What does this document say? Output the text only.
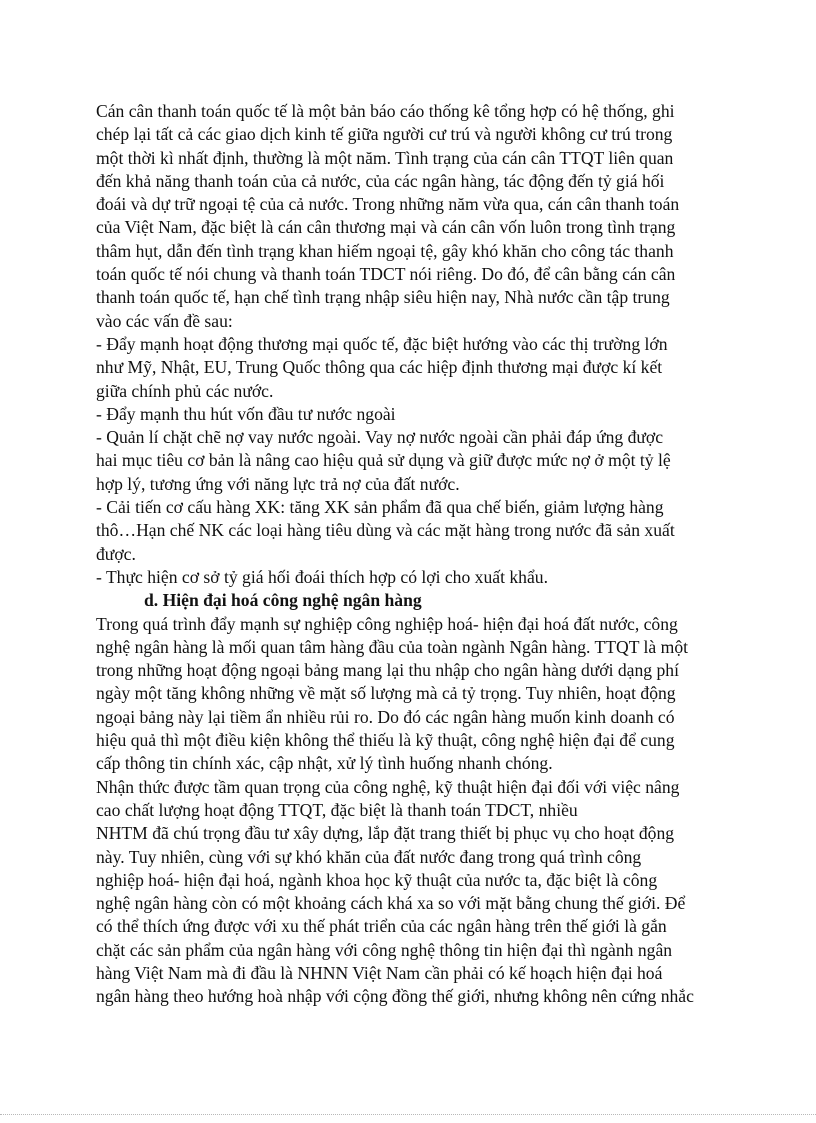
Cán cân thanh toán quốc tế là một bản báo cáo thống kê tổng hợp có hệ thống, ghi
chép lại tất cả các giao dịch kinh tế giữa người cư trú và người không cư trú trong
một thời kì nhất định, thường là một năm. Tình trạng của cán cân TTQT liên quan
đến khả năng thanh toán của cả nước, của các ngân hàng, tác động đến tỷ giá hối
đoái và dự trữ ngoại tệ của cả nước. Trong những năm vừa qua, cán cân thanh toán
của Việt Nam, đặc biệt là cán cân thương mại và cán cân vốn luôn trong tình trạng
thâm hụt, dẫn đến tình trạng khan hiếm ngoại tệ, gây khó khăn cho công tác thanh
toán quốc tế nói chung và thanh toán TDCT nói riêng. Do đó, để cân bằng cán cân
thanh toán quốc tế, hạn chế tình trạng nhập siêu hiện nay, Nhà nước cần tập trung
vào các vấn đề sau:
- Đẩy mạnh hoạt động thương mại quốc tế, đặc biệt hướng vào các thị trường lớn
như Mỹ, Nhật, EU, Trung Quốc thông qua các hiệp định thương mại được kí kết
giữa chính phủ các nước.
- Đẩy mạnh thu hút vốn đầu tư nước ngoài
- Quản lí chặt chẽ nợ vay nước ngoài. Vay nợ nước ngoài cần phải đáp ứng được
hai mục tiêu cơ bản là nâng cao hiệu quả sử dụng và giữ được mức nợ ở một tỷ lệ
hợp lý, tương ứng với năng lực trả nợ của đất nước.
- Cải tiến cơ cấu hàng XK: tăng XK sản phẩm đã qua chế biến, giảm lượng hàng
thô…Hạn chế NK các loại hàng tiêu dùng và các mặt hàng trong nước đã sản xuất
được.
- Thực hiện cơ sở tỷ giá hối đoái thích hợp có lợi cho xuất khẩu.
d. Hiện đại hoá công nghệ ngân hàng
Trong quá trình đẩy mạnh sự nghiệp công nghiệp hoá- hiện đại hoá đất nước, công
nghệ ngân hàng là mối quan tâm hàng đầu của toàn ngành Ngân hàng. TTQT là một
trong những hoạt động ngoại bảng mang lại thu nhập cho ngân hàng dưới dạng phí
ngày một tăng không những về mặt số lượng mà cả tỷ trọng. Tuy nhiên, hoạt động
ngoại bảng này lại tiềm ẩn nhiều rủi ro. Do đó các ngân hàng muốn kinh doanh có
hiệu quả thì một điều kiện không thể thiếu là kỹ thuật, công nghệ hiện đại để cung
cấp thông tin chính xác, cập nhật, xử lý tình huống nhanh chóng.
Nhận thức được tầm quan trọng của công nghệ, kỹ thuật hiện đại đối với việc nâng
cao chất lượng hoạt động TTQT, đặc biệt là thanh toán TDCT, nhiều
NHTM đã chú trọng đầu tư xây dựng, lắp đặt trang thiết bị phục vụ cho hoạt động
này. Tuy nhiên, cùng với sự khó khăn của đất nước đang trong quá trình công
nghiệp hoá- hiện đại hoá, ngành khoa học kỹ thuật của nước ta, đặc biệt là công
nghệ ngân hàng còn có một khoảng cách khá xa so với mặt bằng chung thế giới. Để
có thể thích ứng được với xu thế phát triển của các ngân hàng trên thế giới là gắn
chặt các sản phẩm của ngân hàng với công nghệ thông tin hiện đại thì ngành ngân
hàng Việt Nam mà đi đầu là NHNN Việt Nam cần phải có kế hoạch hiện đại hoá
ngân hàng theo hướng hoà nhập với cộng đồng thế giới, nhưng không nên cứng nhắc
